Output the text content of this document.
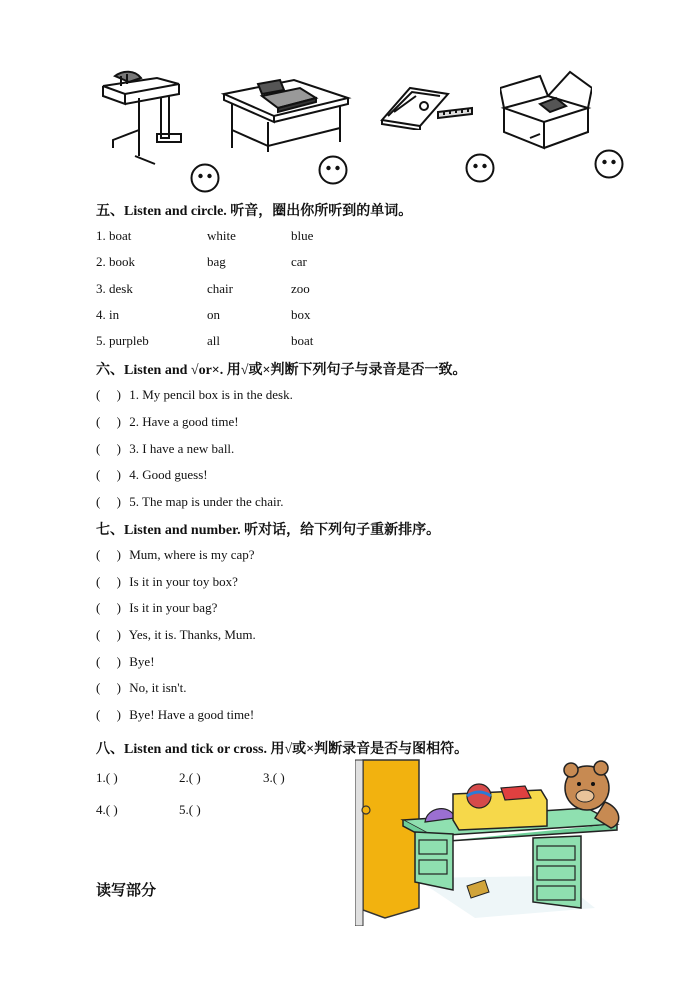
五、Listen and circle. 听音，圈出你所听到的单词。
1. boat	white	blue
2. book	bag	car
3. desk	chair	zoo
4. in	on	box
5. purpleb	all	boat
六、Listen and √or×. 用√或×判断下列句子与录音是否一致。
( ) 1. My pencil box is in the desk.
( ) 2. Have a good time!
( ) 3. I have a new ball.
( ) 4. Good guess!
( ) 5. The map is under the chair.
七、Listen and number. 听对话，给下列句子重新排序。
( ) Mum, where is my cap?
( ) Is it in your toy box?
( ) Is it in your bag?
( ) Yes, it is. Thanks, Mum.
( ) Bye!
( ) No, it isn't.
( ) Bye! Have a good time!
八、Listen and tick or cross. 用√或×判断录音是否与图相符。
1.( )	2.( )	3.( )
4.( )	5.( )
读写部分
